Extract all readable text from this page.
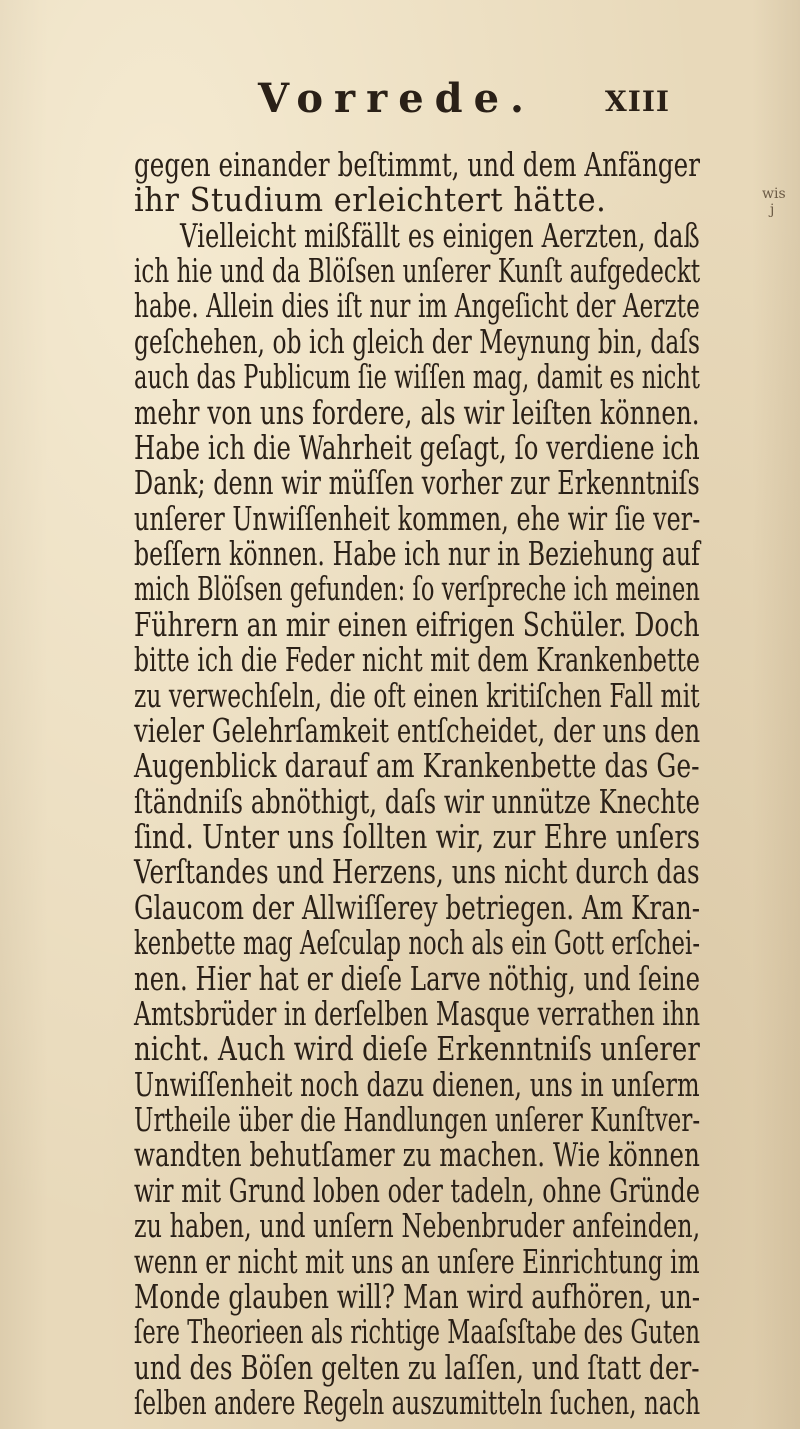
Vorrede.	XIII
gegen einander beſtimmt, und dem Anfänger
ihr Studium erleichtert hätte.
Vielleicht mißfällt es einigen Aerzten, daß
ich hie und da Blöſsen unſerer Kunſt aufgedeckt
habe. Allein dies iſt nur im Angeſicht der Aerzte
geſchehen, ob ich gleich der Meynung bin, daſs
auch das Publicum ſie wiſſen mag, damit es nicht
mehr von uns fordere, als wir leiſten können.
Habe ich die Wahrheit geſagt, ſo verdiene ich
Dank; denn wir müſſen vorher zur Erkenntniſs
unſerer Unwiſſenheit kommen, ehe wir ſie ver-
beſſern können. Habe ich nur in Beziehung auf
mich Blöſsen gefunden: ſo verſpreche ich meinen
Führern an mir einen eifrigen Schüler. Doch
bitte ich die Feder nicht mit dem Krankenbette
zu verwechſeln, die oft einen kritiſchen Fall mit
vieler Gelehrſamkeit entſcheidet, der uns den
Augenblick darauf am Krankenbette das Ge-
ſtändniſs abnöthigt, daſs wir unnütze Knechte
ſind. Unter uns ſollten wir, zur Ehre unſers
Verſtandes und Herzens, uns nicht durch das
Glaucom der Allwiſſerey betriegen. Am Kran-
kenbette mag Aeſculap noch als ein Gott erſchei-
nen. Hier hat er dieſe Larve nöthig, und ſeine
Amtsbrüder in derſelben Masque verrathen ihn
nicht. Auch wird dieſe Erkenntniſs unſerer
Unwiſſenheit noch dazu dienen, uns in unſerm
Urtheile über die Handlungen unſerer Kunſtver-
wandten behutſamer zu machen. Wie können
wir mit Grund loben oder tadeln, ohne Gründe
zu haben, und unſern Nebenbruder anfeinden,
wenn er nicht mit uns an unſere Einrichtung im
Monde glauben will? Man wird aufhören, un-
ſere Theorieen als richtige Maaſsſtabe des Guten
und des Böſen gelten zu laſſen, und ſtatt der-
ſelben andere Regeln auszumitteln ſuchen, nach
wis
j
